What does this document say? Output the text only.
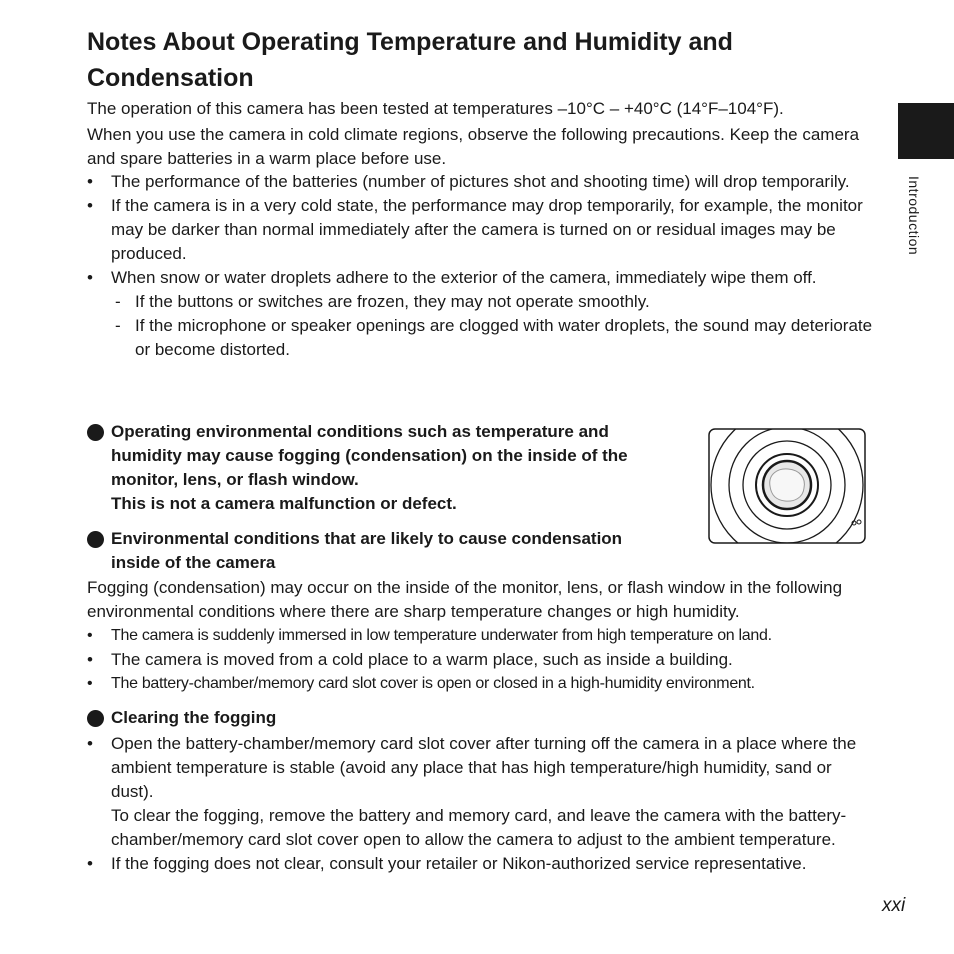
Notes About Operating Temperature and Humidity and Condensation

The operation of this camera has been tested at temperatures –10°C – +40°C (14°F–104°F).

When you use the camera in cold climate regions, observe the following precautions. Keep the camera and spare batteries in a warm place before use.

• The performance of the batteries (number of pictures shot and shooting time) will drop temporarily.
• If the camera is in a very cold state, the performance may drop temporarily, for example, the monitor may be darker than normal immediately after the camera is turned on or residual images may be produced.
• When snow or water droplets adhere to the exterior of the camera, immediately wipe them off.
- If the buttons or switches are frozen, they may not operate smoothly.
- If the microphone or speaker openings are clogged with water droplets, the sound may deteriorate or become distorted.
Operating environmental conditions such as temperature and humidity may cause fogging (condensation) on the inside of the monitor, lens, or flash window.
This is not a camera malfunction or defect.
Environmental conditions that are likely to cause condensation inside of the camera

Fogging (condensation) may occur on the inside of the monitor, lens, or flash window in the following environmental conditions where there are sharp temperature changes or high humidity.

• The camera is suddenly immersed in low temperature underwater from high temperature on land.
• The camera is moved from a cold place to a warm place, such as inside a building.
• The battery-chamber/memory card slot cover is open or closed in a high-humidity environment.
Clearing the fogging
• Open the battery-chamber/memory card slot cover after turning off the camera in a place where the ambient temperature is stable (avoid any place that has high temperature/high humidity, sand or dust).
To clear the fogging, remove the battery and memory card, and leave the camera with the battery-chamber/memory card slot cover open to allow the camera to adjust to the ambient temperature.
• If the fogging does not clear, consult your retailer or Nikon-authorized service representative.
Introduction
xxi
